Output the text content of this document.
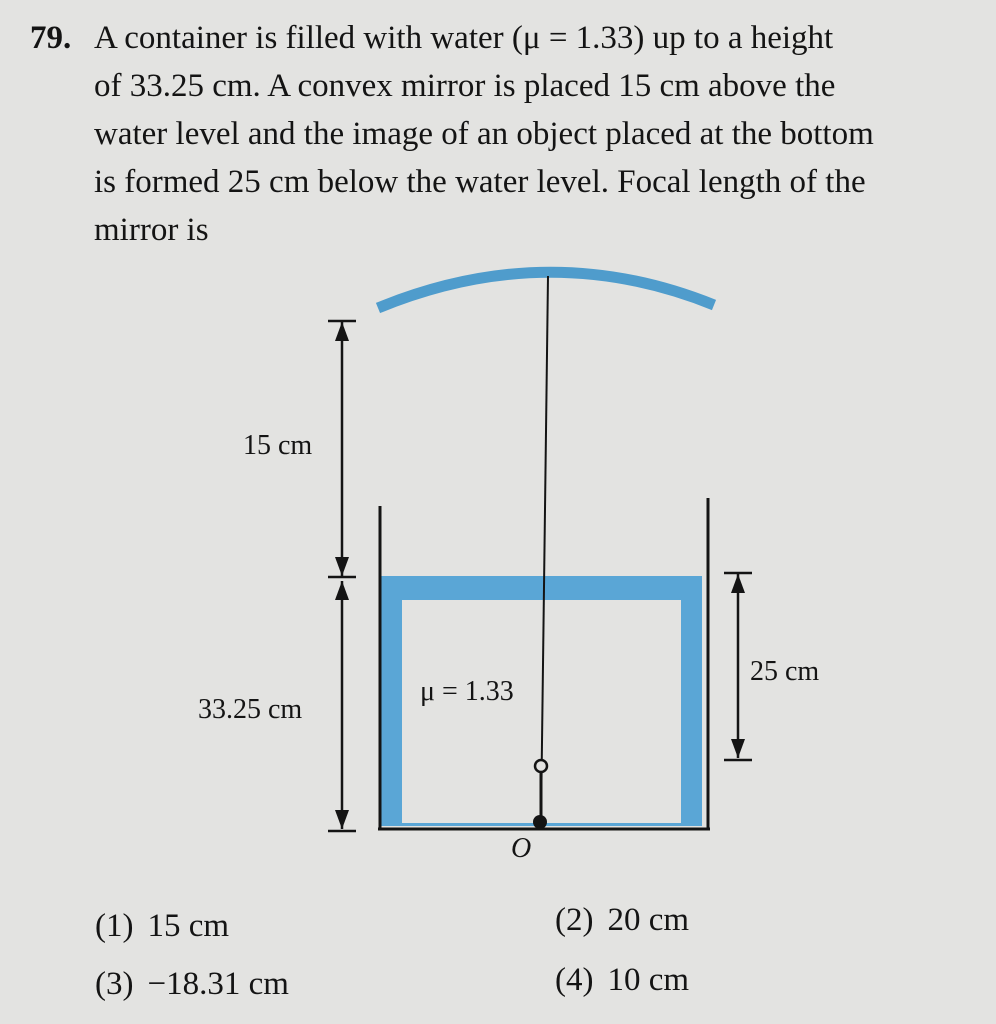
79. A container is filled with water (μ = 1.33) up to a height
of 33.25 cm. A convex mirror is placed 15 cm above the
water level and the image of an object placed at the bottom
is formed 25 cm below the water level. Focal length of the
mirror is
15 cm
33.25 cm
25 cm
μ = 1.33
O
(1) 15 cm	(2) 20 cm
(3) −18.31 cm	(4) 10 cm
